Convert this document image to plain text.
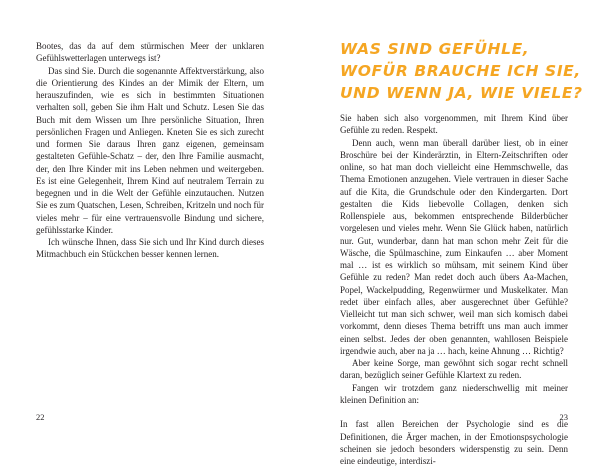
Bootes, das da auf dem stürmischen Meer der unklaren Gefühlswetterlagen unterwegs ist?

Das sind Sie. Durch die sogenannte Affektverstärkung, also die Orientierung des Kindes an der Mimik der Eltern, um herauszufinden, wie es sich in bestimmten Situationen verhalten soll, geben Sie ihm Halt und Schutz. Lesen Sie das Buch mit dem Wissen um Ihre persönliche Situation, Ihren persönlichen Fragen und Anliegen. Kneten Sie es sich zurecht und formen Sie daraus Ihren ganz eigenen, gemeinsam gestalteten Gefühle-Schatz – der, den Ihre Familie ausmacht, der, den Ihre Kinder mit ins Leben nehmen und weitergeben. Es ist eine Gelegenheit, Ihrem Kind auf neutralem Terrain zu begegnen und in die Welt der Gefühle einzutauchen. Nutzen Sie es zum Quatschen, Lesen, Schreiben, Kritzeln und noch für vieles mehr – für eine vertrauensvolle Bindung und sichere, gefühlsstarke Kinder.

Ich wünsche Ihnen, dass Sie sich und Ihr Kind durch dieses Mitmachbuch ein Stückchen besser kennen lernen.

22
WAS SIND GEFÜHLE, WOFÜR BRAUCHE ICH SIE, UND WENN JA, WIE VIELE?

Sie haben sich also vorgenommen, mit Ihrem Kind über Gefühle zu reden. Respekt.

Denn auch, wenn man überall darüber liest, ob in einer Broschüre bei der Kinderärztin, in Eltern-Zeitschriften oder online, so hat man doch vielleicht eine Hemmschwelle, das Thema Emotionen anzugehen. Viele vertrauen in dieser Sache auf die Kita, die Grundschule oder den Kindergarten. Dort gestalten die Kids liebevolle Collagen, denken sich Rollenspiele aus, bekommen entsprechende Bilderbücher vorgelesen und vieles mehr. Wenn Sie Glück haben, natürlich nur. Gut, wunderbar, dann hat man schon mehr Zeit für die Wäsche, die Spülmaschine, zum Einkaufen … aber Moment mal … ist es wirklich so mühsam, mit seinem Kind über Gefühle zu reden? Man redet doch auch übers Aa-Machen, Popel, Wackelpudding, Regenwürmer und Muskelkater. Man redet über einfach alles, aber ausgerechnet über Gefühle? Vielleicht tut man sich schwer, weil man sich komisch dabei vorkommt, denn dieses Thema betrifft uns man auch immer einen selbst. Jedes der oben genannten, wahllosen Beispiele irgendwie auch, aber na ja … hach, keine Ahnung … Richtig?

Aber keine Sorge, man gewöhnt sich sogar recht schnell daran, bezüglich seiner Gefühle Klartext zu reden.

Fangen wir trotzdem ganz niederschwellig mit meiner kleinen Definition an:

In fast allen Bereichen der Psychologie sind es die Definitionen, die Ärger machen, in der Emotionspsychologie scheinen sie jedoch besonders widerspenstig zu sein. Denn eine eindeutige, interdiszi-

23
